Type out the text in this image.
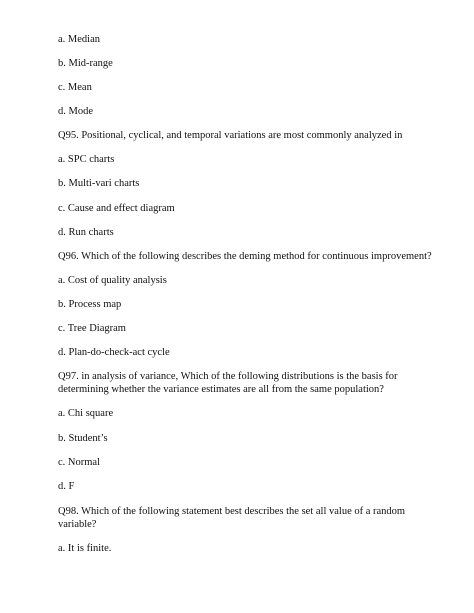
a. Median
b. Mid-range
c. Mean
d. Mode
Q95. Positional, cyclical, and temporal variations are most commonly analyzed in
a. SPC charts
b. Multi-vari charts
c. Cause and effect diagram
d. Run charts
Q96. Which of the following describes the deming method for continuous improvement?
a. Cost of quality analysis
b. Process map
c. Tree Diagram
d. Plan-do-check-act cycle
Q97. in analysis of variance, Which of the following distributions is the basis for determining whether the variance estimates are all from the same population?
a. Chi square
b. Student’s
c. Normal
d. F
Q98. Which of the following statement best describes the set all value of a random variable?
a. It is finite.
